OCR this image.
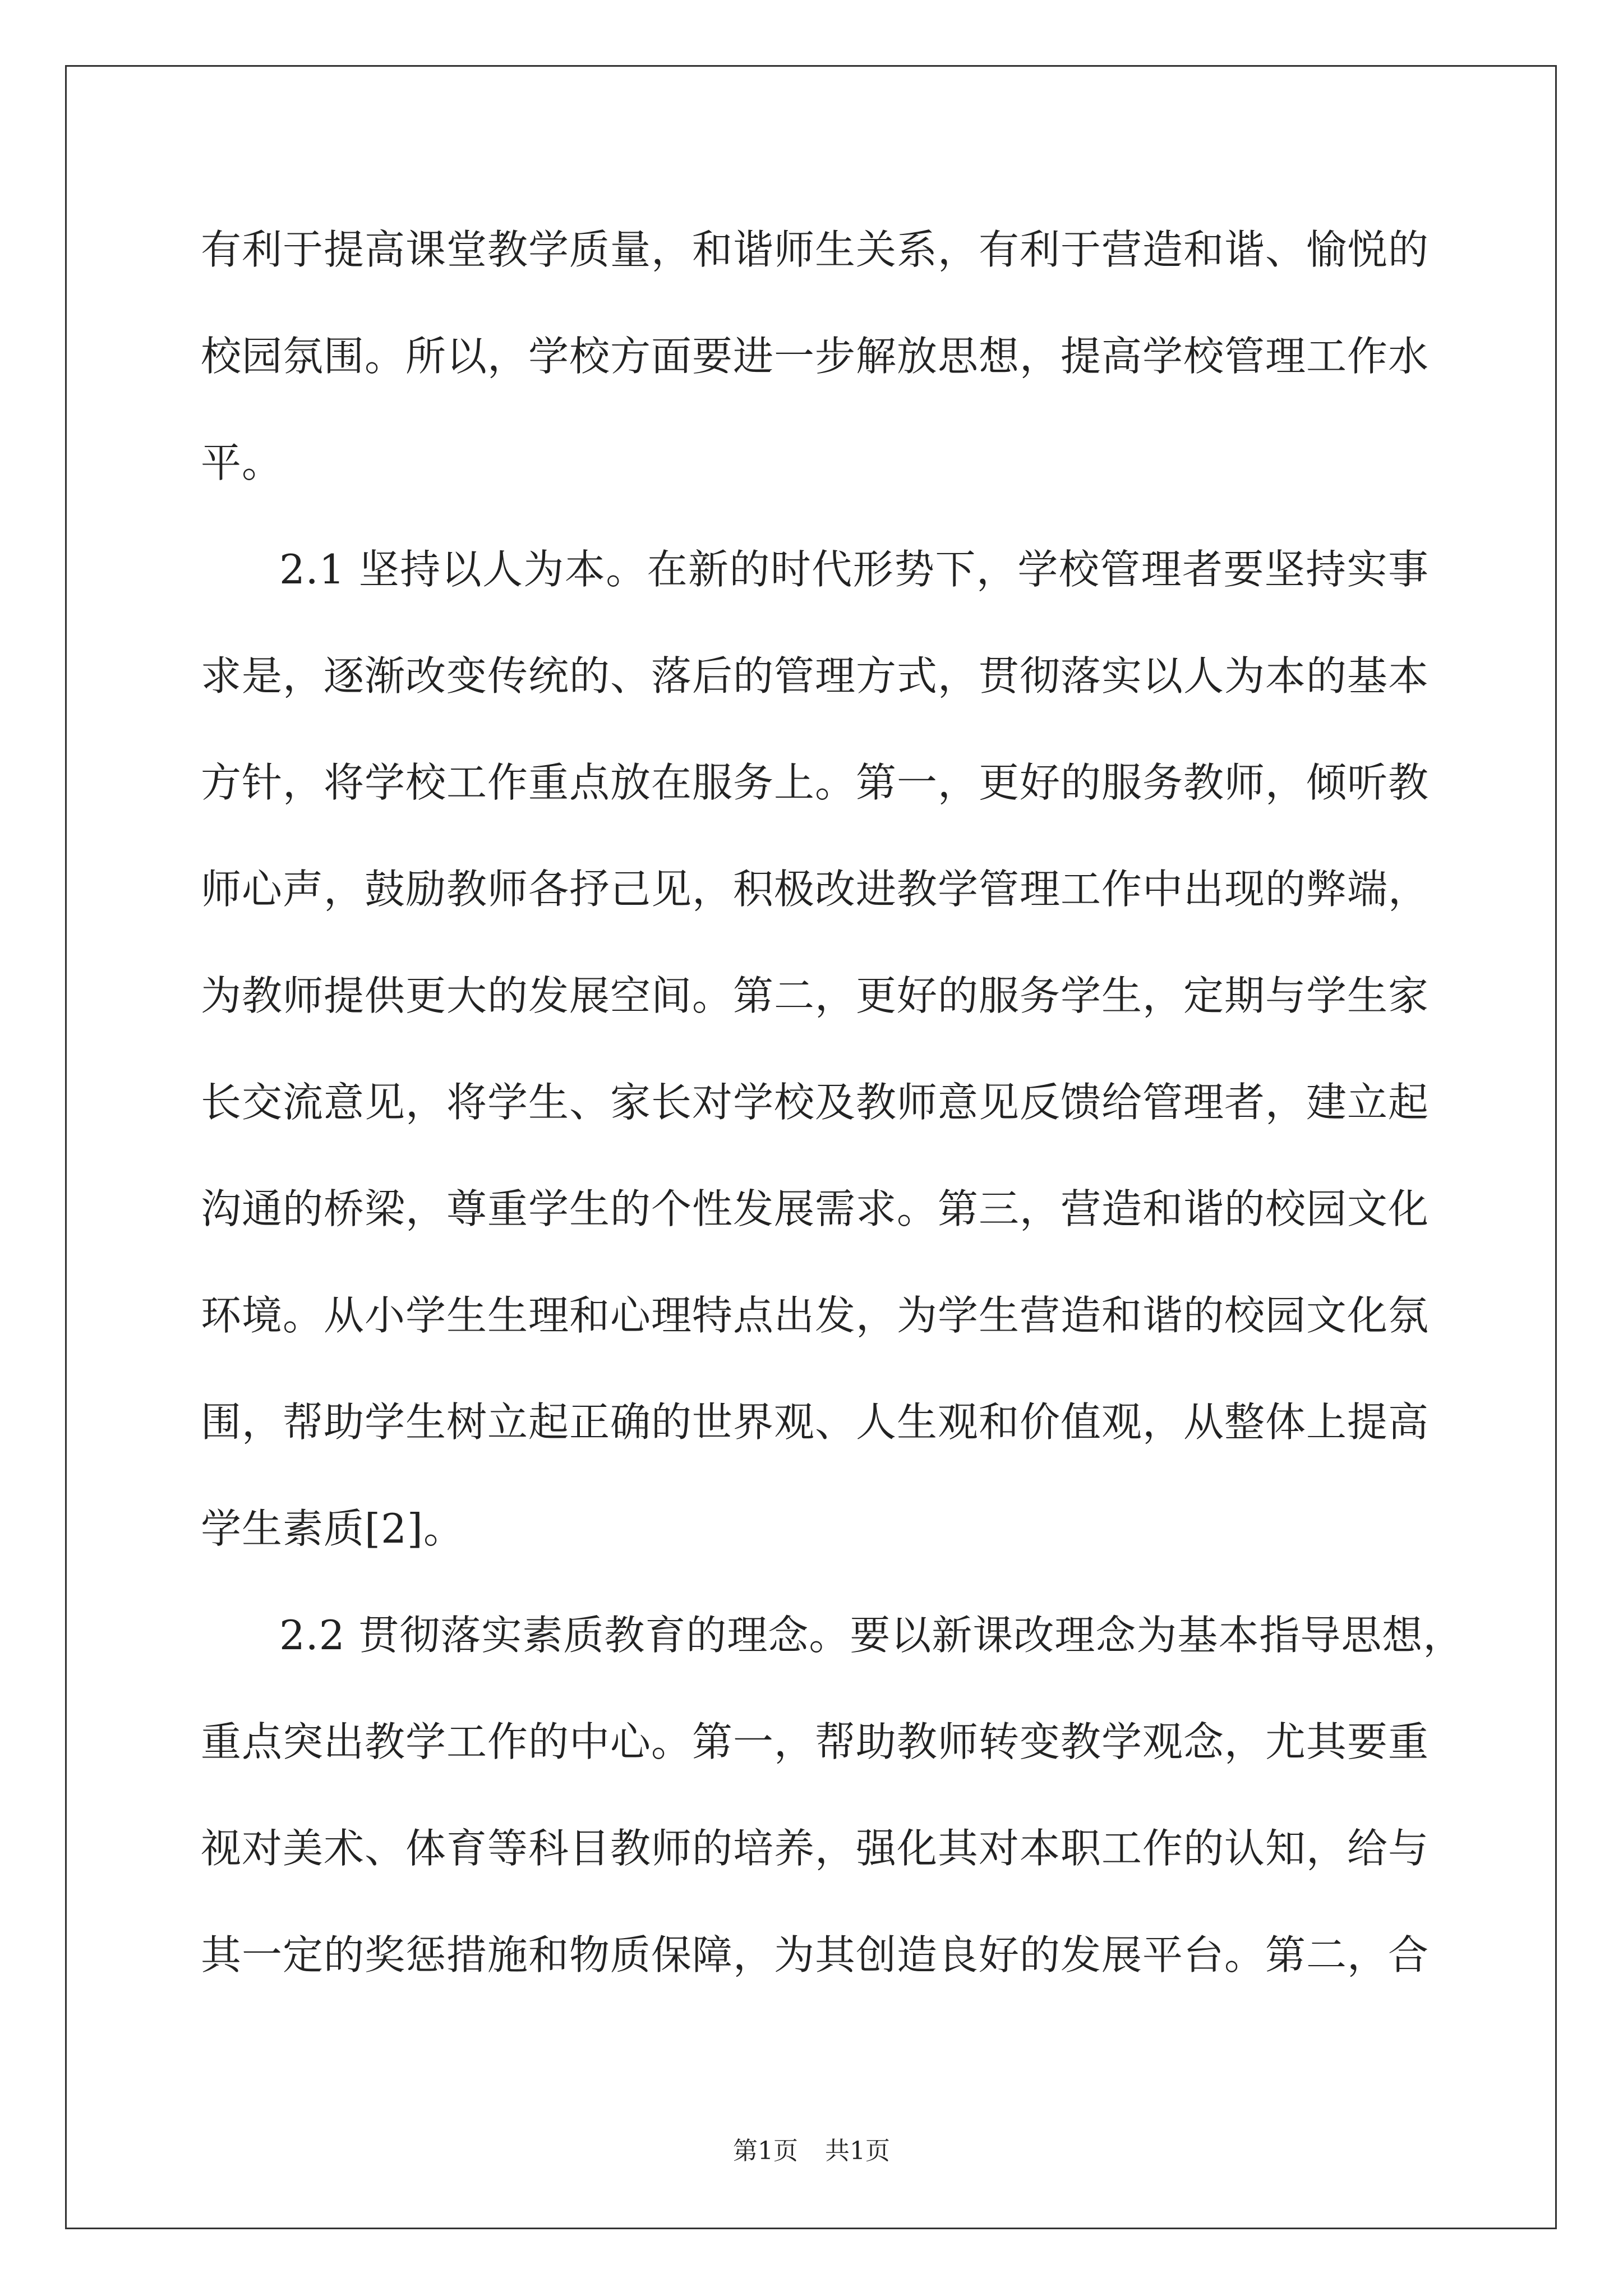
有利于提高课堂教学质量，和谐师生关系，有利于营造和谐、愉悦的
校园氛围。所以，学校方面要进一步解放思想，提高学校管理工作水
平。
2.1 坚持以人为本。在新的时代形势下，学校管理者要坚持实事
求是，逐渐改变传统的、落后的管理方式，贯彻落实以人为本的基本
方针，将学校工作重点放在服务上。第一，更好的服务教师，倾听教
师心声，鼓励教师各抒己见，积极改进教学管理工作中出现的弊端，
为教师提供更大的发展空间。第二，更好的服务学生，定期与学生家
长交流意见，将学生、家长对学校及教师意见反馈给管理者，建立起
沟通的桥梁，尊重学生的个性发展需求。第三，营造和谐的校园文化
环境。从小学生生理和心理特点出发，为学生营造和谐的校园文化氛
围，帮助学生树立起正确的世界观、人生观和价值观，从整体上提高
学生素质[2]。
2.2 贯彻落实素质教育的理念。要以新课改理念为基本指导思想，
重点突出教学工作的中心。第一，帮助教师转变教学观念，尤其要重
视对美术、体育等科目教师的培养，强化其对本职工作的认知，给与
其一定的奖惩措施和物质保障，为其创造良好的发展平台。第二，合
第1页 共1页
